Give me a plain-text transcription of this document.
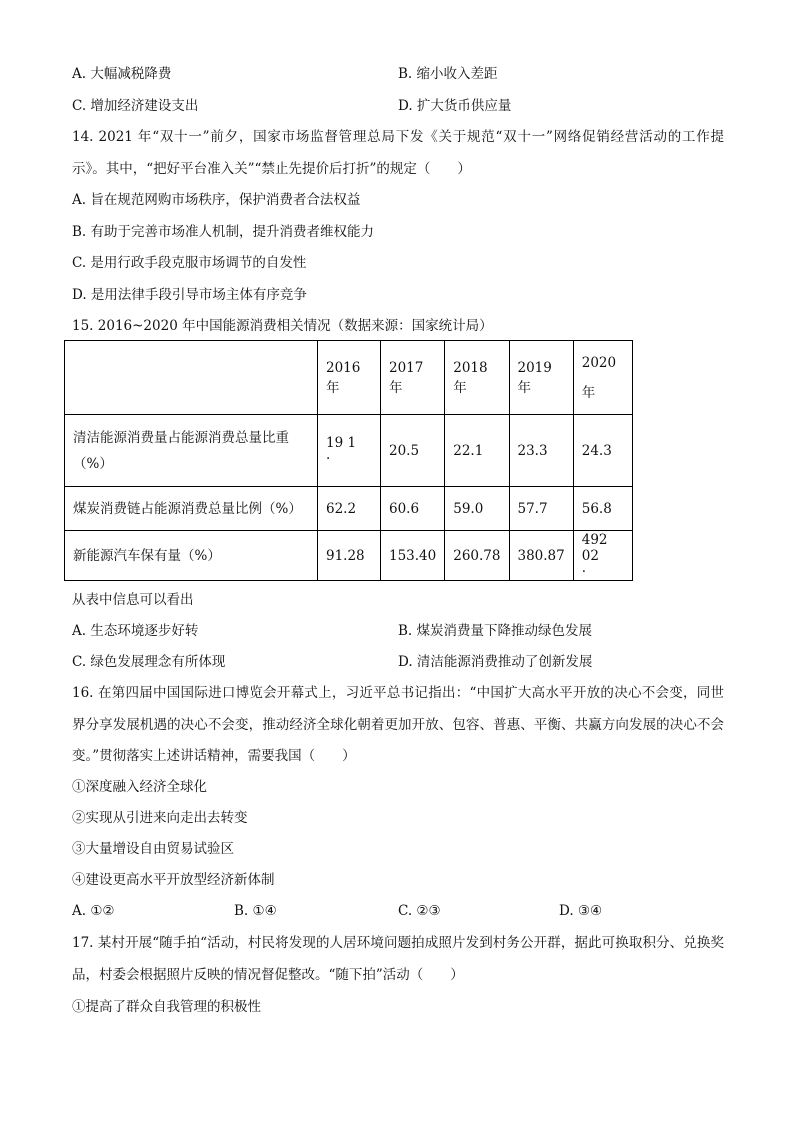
A. 大幅减税降费	B. 缩小收入差距
C. 增加经济建设支出	D. 扩大货币供应量
14. 2021 年“双十一”前夕，国家市场监督管理总局下发《关于规范“双十一”网络促销经营活动的工作提示》。其中，“把好平台准入关”“禁止先提价后打折”的规定（　　）
A. 旨在规范网购市场秩序，保护消费者合法权益
B. 有助于完善市场准人机制，提升消费者维权能力
C. 是用行政手段克服市场调节的自发性
D. 是用法律手段引导市场主体有序竞争
15. 2016~2020 年中国能源消费相关情况（数据来源：国家统计局）
	2016 年	2017 年	2018 年	2019 年	2020
年
清洁能源消费量占能源消费总量比重（%）	19 1
·	20.5	22.1	23.3	24.3
煤炭消费链占能源消费总量比例（%）	62.2	60.6	59.0	57.7	56.8
新能源汽车保有量（%）	91.28	153.40	260.78	380.87	492 02
·
从表中信息可以看出
A. 生态环境逐步好转	B. 煤炭消费量下降推动绿色发展
C. 绿色发展理念有所体现	D. 清洁能源消费推动了创新发展
16. 在第四届中国国际进口博览会开幕式上，习近平总书记指出：“中国扩大高水平开放的决心不会变，同世界分享发展机遇的决心不会变，推动经济全球化朝着更加开放、包容、普惠、平衡、共赢方向发展的决心不会变。”贯彻落实上述讲话精神，需要我国（　　）
①深度融入经济全球化
②实现从引进来向走出去转变
③大量增设自由贸易试验区
④建设更高水平开放型经济新体制
A. ①②	B. ①④	C. ②③	D. ③④
17. 某村开展“随手拍“活动，村民将发现的人居环境问题拍成照片发到村务公开群，据此可换取积分、兑换奖品，村委会根据照片反映的情况督促整改。“随下拍”活动（　　）
①提高了群众自我管理的积极性
